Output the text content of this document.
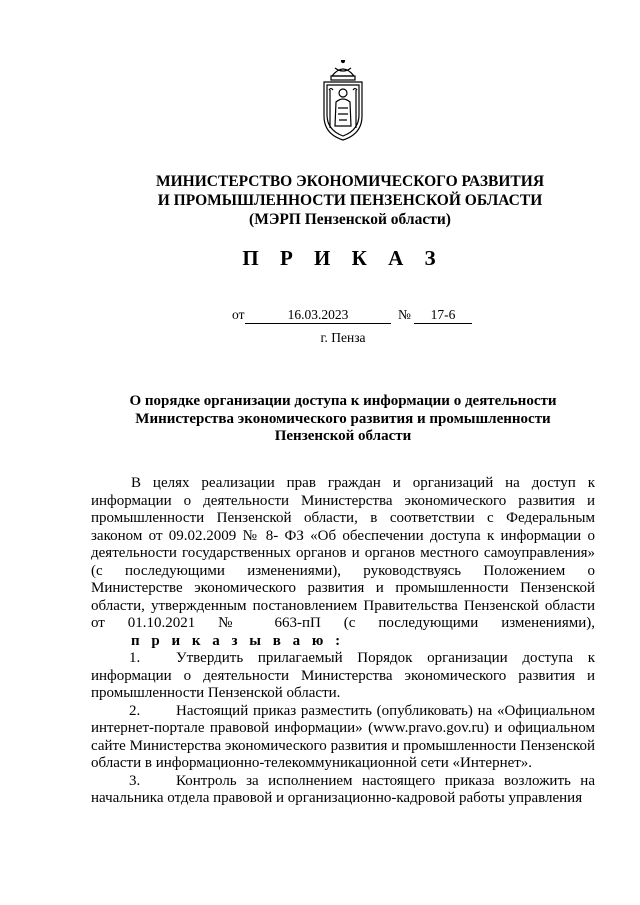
МИНИСТЕРСТВО ЭКОНОМИЧЕСКОГО РАЗВИТИЯ
И ПРОМЫШЛЕННОСТИ ПЕНЗЕНСКОЙ ОБЛАСТИ
(МЭРП Пензенской области)
П Р И К А З
от	16.03.2023	№	17-6
г. Пенза
О порядке организации доступа к информации о деятельности
Министерства экономического развития и промышленности
Пензенской области

В целях реализации прав граждан и организаций на доступ к информации о деятельности Министерства экономического развития и промышленности Пензенской области, в соответствии с Федеральным законом от 09.02.2009 № 8- ФЗ «Об обеспечении доступа к информации о деятельности государственных органов и органов местного самоуправления» (с последующими изменениями), руководствуясь Положением о Министерстве экономического развития и промышленности Пензенской области, утвержденным постановлением Правительства Пензенской области от 01.10.2021 № 663-пП (с последующими изменениями),п р и к а з ы в а ю :

1. Утвердить прилагаемый Порядок организации доступа к информации о деятельности Министерства экономического развития и промышленности Пензенской области.

2. Настоящий приказ разместить (опубликовать) на «Официальном интернет-портале правовой информации» (www.pravo.gov.ru) и официальном сайте Министерства экономического развития и промышленности Пензенской области в информационно-телекоммуникационной сети «Интернет».

3. Контроль за исполнением настоящего приказа возложить на начальника отдела правовой и организационно-кадровой работы управления
